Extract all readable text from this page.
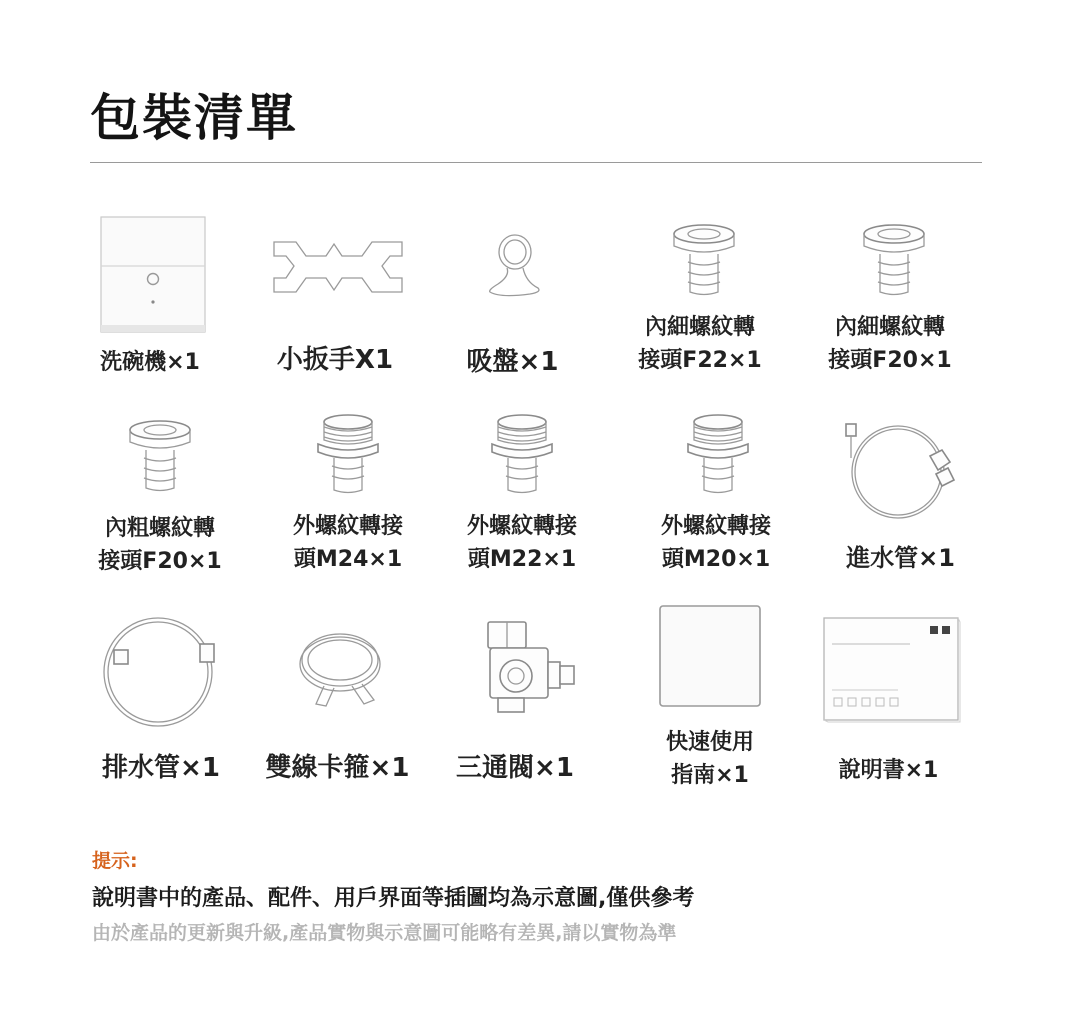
包裝清單
洗碗機×1	小扳手X1	吸盤×1
內細螺紋轉
接頭F22×1
內細螺紋轉
接頭F20×1
內粗螺紋轉
接頭F20×1
外螺紋轉接
頭M24×1
外螺紋轉接
頭M22×1
外螺紋轉接
頭M20×1	進水管×1
排水管×1	雙線卡箍×1	三通閥×1
快速使用
指南×1	說明書×1
提示:
說明書中的產品、配件、用戶界面等插圖均為示意圖,僅供參考
由於產品的更新與升級,產品實物與示意圖可能略有差異,請以實物為準
